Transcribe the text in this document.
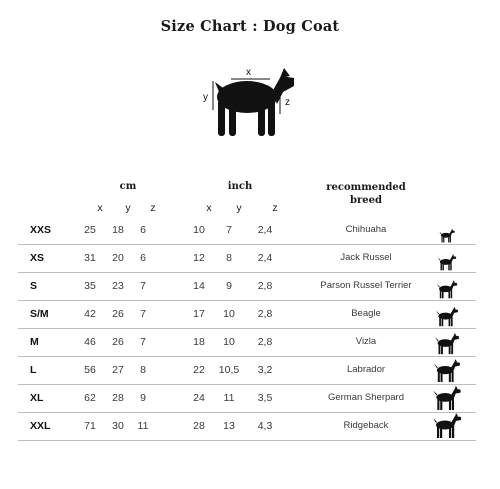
Size Chart : Dog Coat
x
y	z
cm	inch	recommended
breed
x	y	z	x	y	z
XXS	25	18	6	10	7	2,4	Chihuaha
XS	31	20	6	12	8	2,4	Jack Russel
S	35	23	7	14	9	2,8	Parson Russel Terrier
S/M	42	26	7	17	10	2,8	Beagle
M	46	26	7	18	10	2,8	Vizla
L	56	27	8	22	10,5	3,2	Labrador
XL	62	28	9	24	11	3,5	German Sherpard
XXL	71	30	11	28	13	4,3	Ridgeback
